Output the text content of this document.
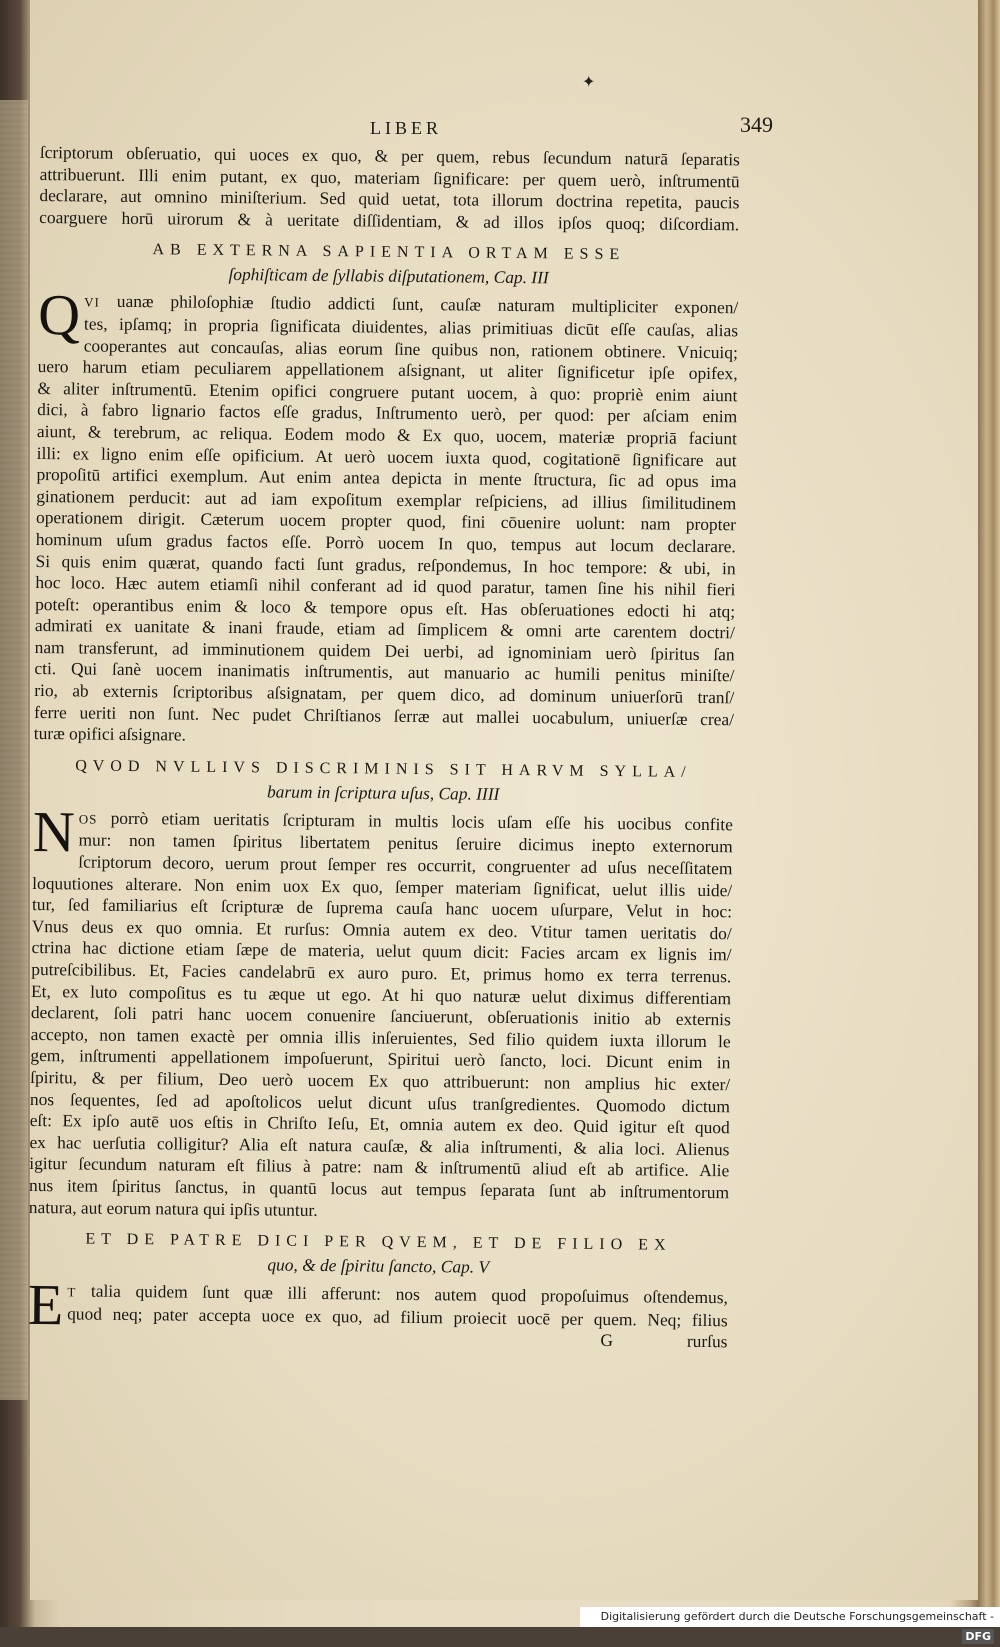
✦
LIBER	349
ſcriptorum obſeruatio, qui uoces ex quo, & per quem, rebus ſecundum naturā ſeparatis
attribuerunt. Illi enim putant, ex quo, materiam ſignificare: per quem uerò, inſtrumentū
declarare, aut omnino miniſterium. Sed quid uetat, tota illorum doctrina repetita, paucis
coarguere horū uirorum & à ueritate diſſidentiam, & ad illos ipſos quoq; diſcordiam.
AB EXTERNA SAPIENTIA ORTAM ESSE
ſophiſticam de ſyllabis diſputationem, Cap. III
Q VI uanæ philoſophiæ ſtudio addicti ſunt, cauſæ naturam multipliciter exponen/
tes, ipſamq; in propria ſignificata diuidentes, alias primitiuas dicūt eſſe cauſas, alias
cooperantes aut concauſas, alias eorum ſine quibus non, rationem obtinere. Vnicuiq;
uero harum etiam peculiarem appellationem aſsignant, ut aliter ſignificetur ipſe opifex,
& aliter inſtrumentū. Etenim opifici congruere putant uocem, à quo: propriè enim aiunt
dici, à fabro lignario factos eſſe gradus, Inſtrumento uerò, per quod: per aſciam enim
aiunt, & terebrum, ac reliqua. Eodem modo & Ex quo, uocem, materiæ propriā faciunt
illi: ex ligno enim eſſe opificium. At uerò uocem iuxta quod, cogitationē ſignificare aut
propoſitū artifici exemplum. Aut enim antea depicta in mente ſtructura, ſic ad opus ima
ginationem perducit: aut ad iam expoſitum exemplar reſpiciens, ad illius ſimilitudinem
operationem dirigit. Cæterum uocem propter quod, fini cōuenire uolunt: nam propter
hominum uſum gradus factos eſſe. Porrò uocem In quo, tempus aut locum declarare.
Si quis enim quærat, quando facti ſunt gradus, reſpondemus, In hoc tempore: & ubi, in
hoc loco. Hæc autem etiamſi nihil conferant ad id quod paratur, tamen ſine his nihil fieri
poteſt: operantibus enim & loco & tempore opus eſt. Has obſeruationes edocti hi atq;
admirati ex uanitate & inani fraude, etiam ad ſimplicem & omni arte carentem doctri/
nam transferunt, ad imminutionem quidem Dei uerbi, ad ignominiam uerò ſpiritus ſan
cti. Qui ſanè uocem inanimatis inſtrumentis, aut manuario ac humili penitus miniſte/
rio, ab externis ſcriptoribus aſsignatam, per quem dico, ad dominum uniuerſorū tranſ/
ferre ueriti non ſunt. Nec pudet Chriſtianos ſerræ aut mallei uocabulum, uniuerſæ crea/
turæ opifici aſsignare.
QVOD NVLLIVS DISCRIMINIS SIT HARVM SYLLA/
barum in ſcriptura uſus, Cap. IIII
N OS porrò etiam ueritatis ſcripturam in multis locis uſam eſſe his uocibus confite
mur: non tamen ſpiritus libertatem penitus ſeruire dicimus inepto externorum
ſcriptorum decoro, uerum prout ſemper res occurrit, congruenter ad uſus neceſſitatem
loquutiones alterare. Non enim uox Ex quo, ſemper materiam ſignificat, uelut illis uide/
tur, ſed familiarius eſt ſcripturæ de ſuprema cauſa hanc uocem uſurpare, Velut in hoc:
Vnus deus ex quo omnia. Et rurſus: Omnia autem ex deo. Vtitur tamen ueritatis do/
ctrina hac dictione etiam ſæpe de materia, uelut quum dicit: Facies arcam ex lignis im/
putreſcibilibus. Et, Facies candelabrū ex auro puro. Et, primus homo ex terra terrenus.
Et, ex luto compoſitus es tu æque ut ego. At hi quo naturæ uelut diximus differentiam
declarent, ſoli patri hanc uocem conuenire ſanciuerunt, obſeruationis initio ab externis
accepto, non tamen exactè per omnia illis inſeruientes, Sed filio quidem iuxta illorum le
gem, inſtrumenti appellationem impoſuerunt, Spiritui uerò ſancto, loci. Dicunt enim in
ſpiritu, & per filium, Deo uerò uocem Ex quo attribuerunt: non amplius hic exter/
nos ſequentes, ſed ad apoſtolicos uelut dicunt uſus tranſgredientes. Quomodo dictum
eſt: Ex ipſo autē uos eſtis in Chriſto Ieſu, Et, omnia autem ex deo. Quid igitur eſt quod
ex hac uerſutia colligitur? Alia eſt natura cauſæ, & alia inſtrumenti, & alia loci. Alienus
igitur ſecundum naturam eſt filius à patre: nam & inſtrumentū aliud eſt ab artifice. Alie
nus item ſpiritus ſanctus, in quantū locus aut tempus ſeparata ſunt ab inſtrumentorum
natura, aut eorum natura qui ipſis utuntur.
ET DE PATRE DICI PER QVEM, ET DE FILIO EX
quo, & de ſpiritu ſancto, Cap. V
E T talia quidem ſunt quæ illi afferunt: nos autem quod propoſuimus oſtendemus,
quod neq; pater accepta uoce ex quo, ad filium proiecit uocē per quem. Neq; filius
G	rurſus
Digitalisierung gefördert durch die Deutsche Forschungsgemeinschaft -DFG
